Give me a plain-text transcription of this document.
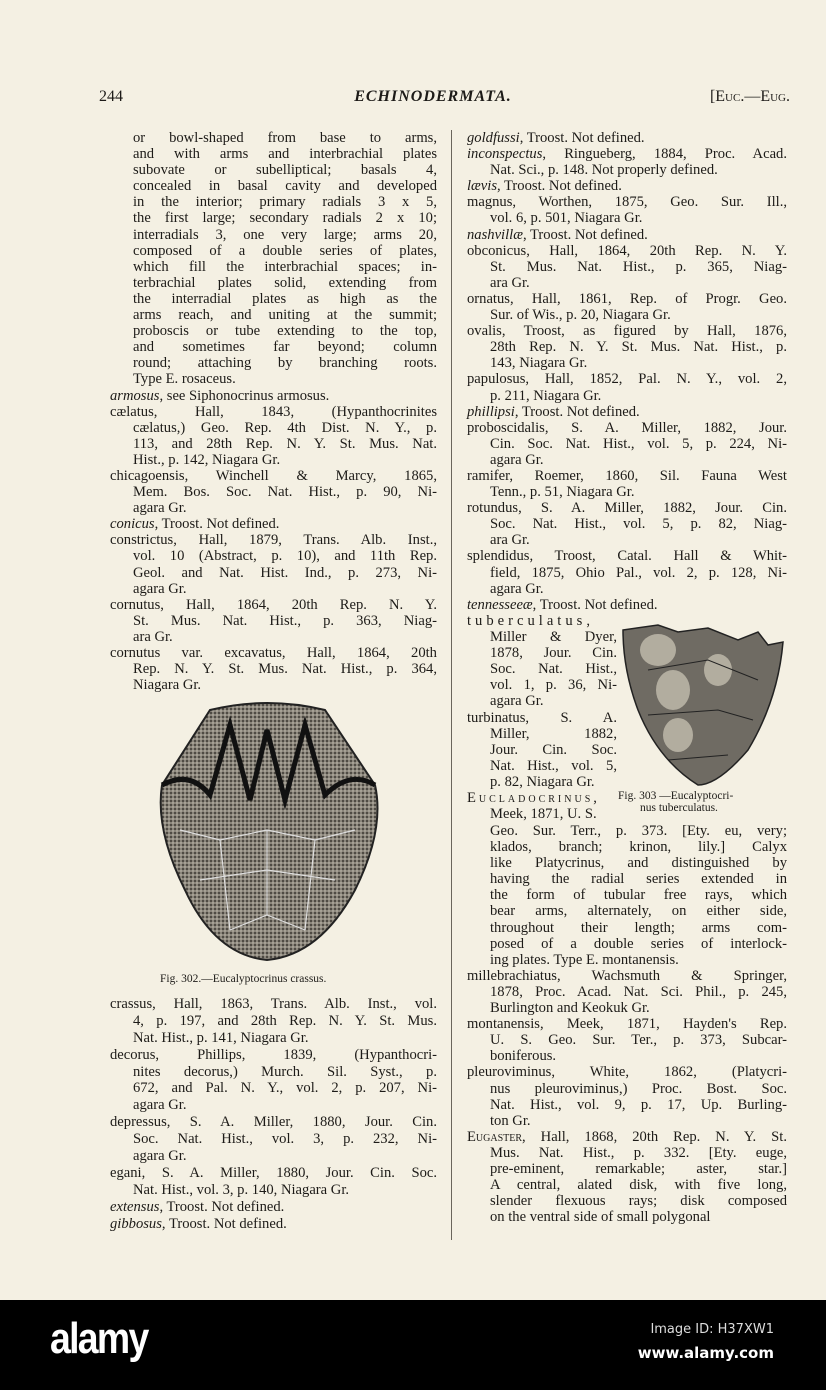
244	ECHINODERMATA.	[Euc.—Eug.
or bowl-shaped from base to arms,
and with arms and interbrachial plates
subovate or subelliptical; basals 4,
concealed in basal cavity and developed
in the interior; primary radials 3 x 5,
the first large; secondary radials 2 x 10;
interradials 3, one very large; arms 20,
composed of a double series of plates,
which fill the interbrachial spaces; in-
terbrachial plates solid, extending from
the interradial plates as high as the
arms reach, and uniting at the summit;
proboscis or tube extending to the top,
and sometimes far beyond; column
round; attaching by branching roots.
Type E. rosaceus.
armosus, see Siphonocrinus armosus.
cælatus, Hall, 1843, (Hypanthocrinites
cælatus,) Geo. Rep. 4th Dist. N. Y., p.
113, and 28th Rep. N. Y. St. Mus. Nat.
Hist., p. 142, Niagara Gr.
chicagoensis, Winchell & Marcy, 1865,
Mem. Bos. Soc. Nat. Hist., p. 90, Ni-
agara Gr.
conicus, Troost. Not defined.
constrictus, Hall, 1879, Trans. Alb. Inst.,
vol. 10 (Abstract, p. 10), and 11th Rep.
Geol. and Nat. Hist. Ind., p. 273, Ni-
agara Gr.
cornutus, Hall, 1864, 20th Rep. N. Y.
St. Mus. Nat. Hist., p. 363, Niag-
ara Gr.
cornutus var. excavatus, Hall, 1864, 20th
Rep. N. Y. St. Mus. Nat. Hist., p. 364,
Niagara Gr.
Fig. 302.—Eucalyptocrinus crassus.
crassus, Hall, 1863, Trans. Alb. Inst., vol.
4, p. 197, and 28th Rep. N. Y. St. Mus.
Nat. Hist., p. 141, Niagara Gr.
decorus, Phillips, 1839, (Hypanthocri-
nites decorus,) Murch. Sil. Syst., p.
672, and Pal. N. Y., vol. 2, p. 207, Ni-
agara Gr.
depressus, S. A. Miller, 1880, Jour. Cin.
Soc. Nat. Hist., vol. 3, p. 232, Ni-
agara Gr.
egani, S. A. Miller, 1880, Jour. Cin. Soc.
Nat. Hist., vol. 3, p. 140, Niagara Gr.
extensus, Troost. Not defined.
gibbosus, Troost. Not defined.
goldfussi, Troost. Not defined.
inconspectus, Ringueberg, 1884, Proc. Acad.
Nat. Sci., p. 148. Not properly defined.
lævis, Troost. Not defined.
magnus, Worthen, 1875, Geo. Sur. Ill.,
vol. 6, p. 501, Niagara Gr.
nashvillæ, Troost. Not defined.
obconicus, Hall, 1864, 20th Rep. N. Y.
St. Mus. Nat. Hist., p. 365, Niag-
ara Gr.
ornatus, Hall, 1861, Rep. of Progr. Geo.
Sur. of Wis., p. 20, Niagara Gr.
ovalis, Troost, as figured by Hall, 1876,
28th Rep. N. Y. St. Mus. Nat. Hist., p.
143, Niagara Gr.
papulosus, Hall, 1852, Pal. N. Y., vol. 2,
p. 211, Niagara Gr.
phillipsi, Troost. Not defined.
proboscidalis, S. A. Miller, 1882, Jour.
Cin. Soc. Nat. Hist., vol. 5, p. 224, Ni-
agara Gr.
ramifer, Roemer, 1860, Sil. Fauna West
Tenn., p. 51, Niagara Gr.
rotundus, S. A. Miller, 1882, Jour. Cin.
Soc. Nat. Hist., vol. 5, p. 82, Niag-
ara Gr.
splendidus, Troost, Catal. Hall & Whit-
field, 1875, Ohio Pal., vol. 2, p. 128, Ni-
agara Gr.
tennesseeæ, Troost. Not defined.
tuberculatus,
Miller & Dyer,
1878, Jour. Cin.
Soc. Nat. Hist.,
vol. 1, p. 36, Ni-
agara Gr.
turbinatus, S. A.
Miller, 1882,
Jour. Cin. Soc.
Nat. Hist., vol. 5,
p. 82, Niagara Gr.
Eucladocrinus,
Meek, 1871, U. S.
Fig. 303 —Eucalyptocri-
nus tuberculatus.
Geo. Sur. Terr., p. 373. [Ety. eu, very;
klados, branch; krinon, lily.] Calyx
like Platycrinus, and distinguished by
having the radial series extended in
the form of tubular free rays, which
bear arms, alternately, on either side,
throughout their length; arms com-
posed of a double series of interlock-
ing plates. Type E. montanensis.
millebrachiatus, Wachsmuth & Springer,
1878, Proc. Acad. Nat. Sci. Phil., p. 245,
Burlington and Keokuk Gr.
montanensis, Meek, 1871, Hayden's Rep.
U. S. Geo. Sur. Ter., p. 373, Subcar-
boniferous.
pleuroviminus, White, 1862, (Platycri-
nus pleuroviminus,) Proc. Bost. Soc.
Nat. Hist., vol. 9, p. 17, Up. Burling-
ton Gr.
Eugaster, Hall, 1868, 20th Rep. N. Y. St.
Mus. Nat. Hist., p. 332. [Ety. euge,
pre-eminent, remarkable; aster, star.]
A central, alated disk, with five long,
slender flexuous rays; disk composed
on the ventral side of small polygonal
alamy	Image ID: H37XW1
www.alamy.com
